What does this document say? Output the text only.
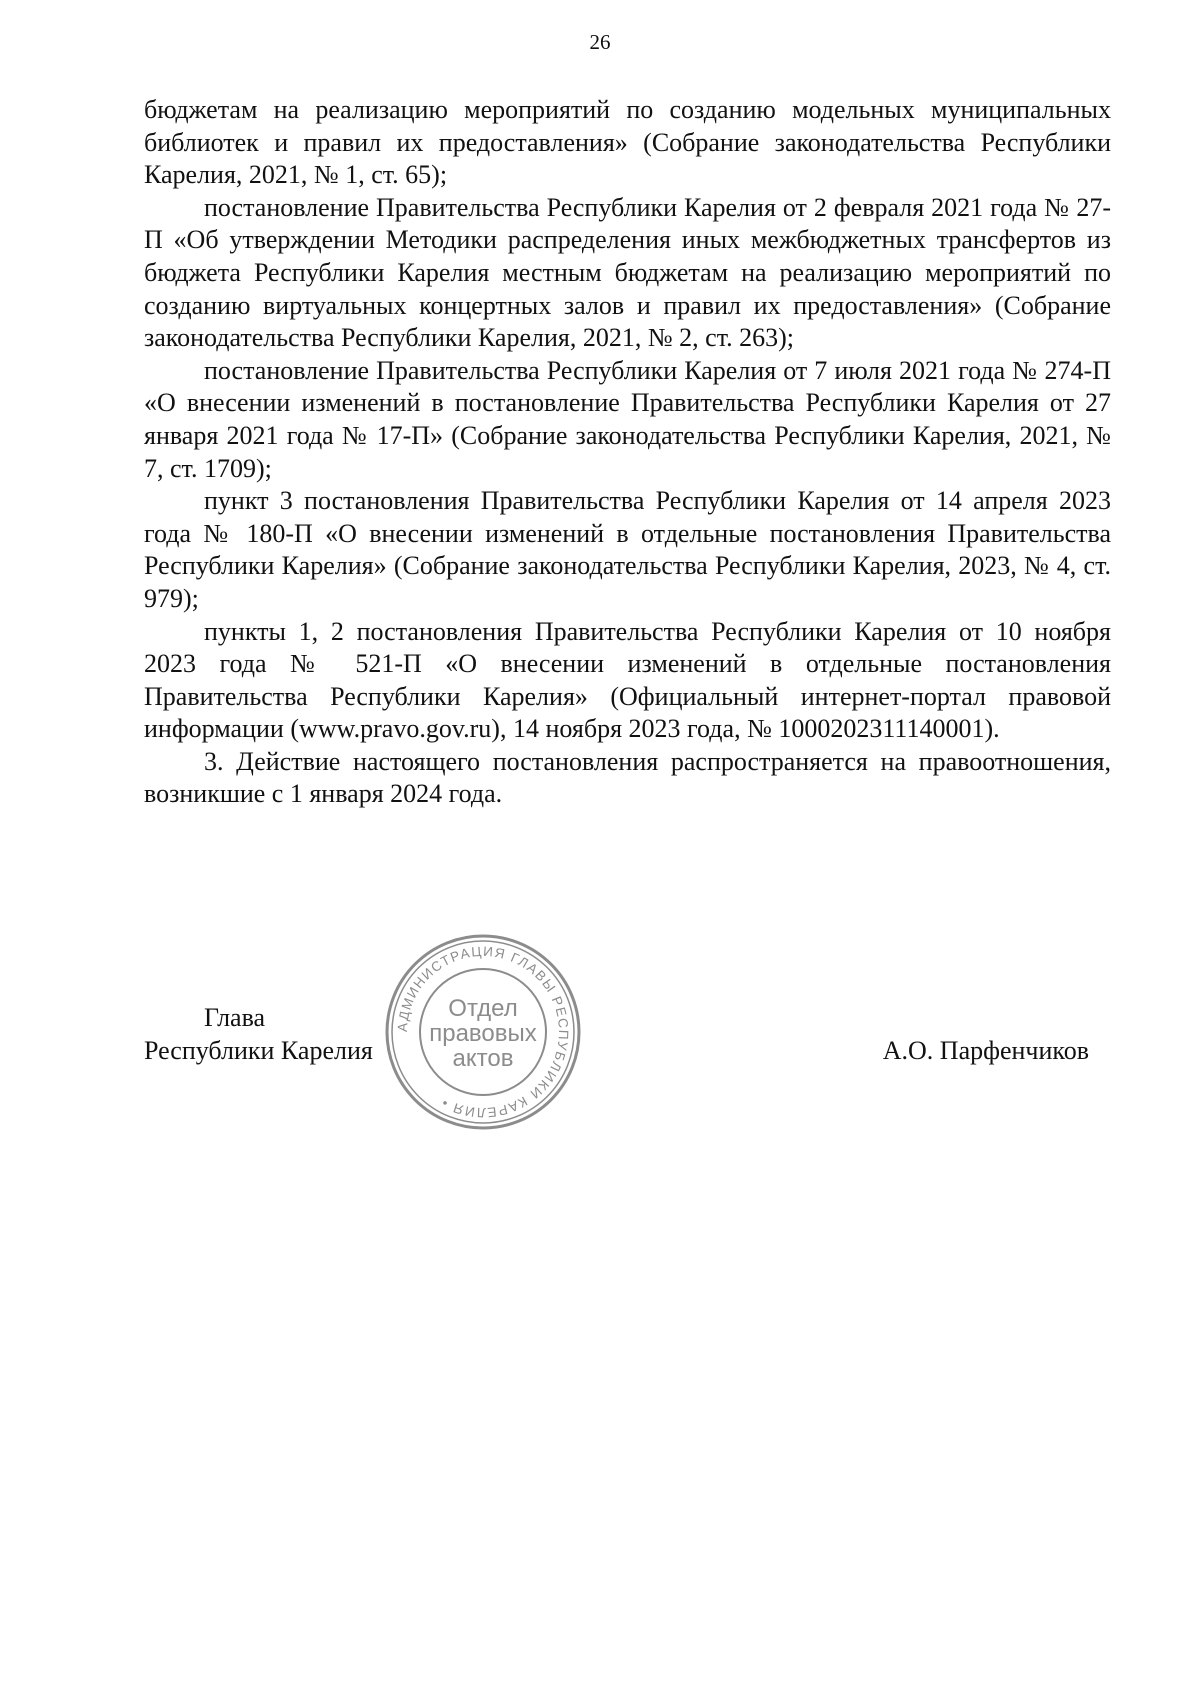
26

бюджетам на реализацию мероприятий по созданию модельных муниципальных библиотек и правил их предоставления» (Собрание законодательства Республики Карелия, 2021, № 1, ст. 65);

постановление Правительства Республики Карелия от 2 февраля 2021 года № 27-П «Об утверждении Методики распределения иных межбюджетных трансфертов из бюджета Республики Карелия местным бюджетам на реализацию мероприятий по созданию виртуальных концертных залов и правил их предоставления» (Собрание законодательства Республики Карелия, 2021, № 2, ст. 263);

постановление Правительства Республики Карелия от 7 июля 2021 года № 274-П «О внесении изменений в постановление Правительства Республики Карелия от 27 января 2021 года № 17-П» (Собрание законодательства Республики Карелия, 2021, № 7, ст. 1709);

пункт 3 постановления Правительства Республики Карелия от 14 апреля 2023 года № 180-П «О внесении изменений в отдельные постановления Правительства Республики Карелия» (Собрание законодательства Республики Карелия, 2023, № 4, ст. 979);

пункты 1, 2 постановления Правительства Республики Карелия от 10 ноября 2023 года № 521-П «О внесении изменений в отдельные постановления Правительства Республики Карелия» (Официальный интернет-портал правовой информации (www.pravo.gov.ru), 14 ноября 2023 года, № 1000202311140001).

3. Действие настоящего постановления распространяется на правоотношения, возникшие с 1 января 2024 года.

Глава
Республики Карелия	А.О. Парфенчиков
АДМИНИСТРАЦИЯ ГЛАВЫ РЕСПУБЛИКИ КАРЕЛИЯ •
Отдел
правовых
актов
